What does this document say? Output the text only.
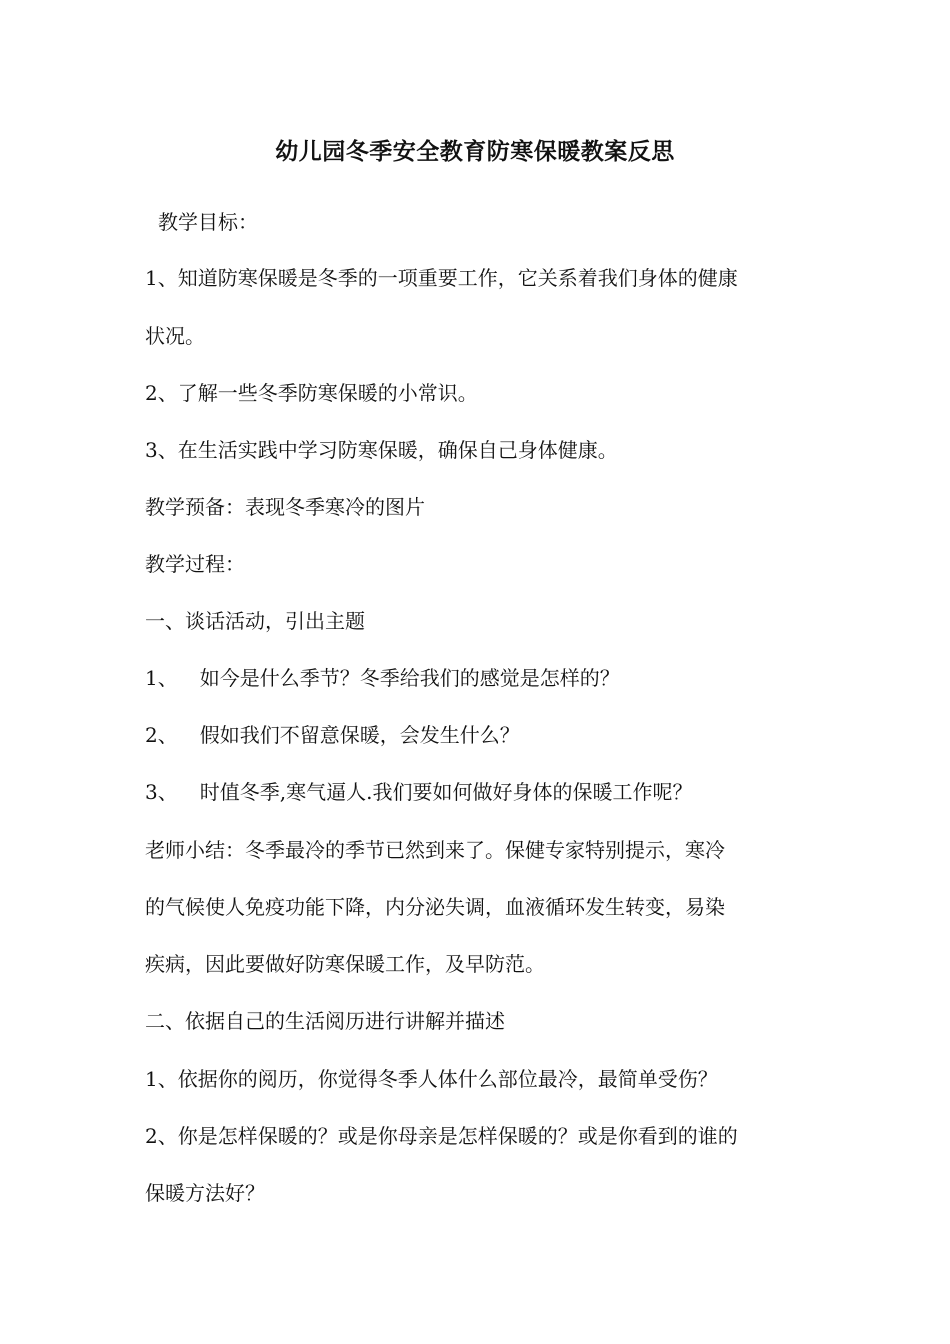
幼儿园冬季安全教育防寒保暖教案反思

教学目标：

1、知道防寒保暖是冬季的一项重要工作，它关系着我们身体的健康

状况。

2、了解一些冬季防寒保暖的小常识。

3、在生活实践中学习防寒保暖，确保自己身体健康。

教学预备：表现冬季寒冷的图片

教学过程：

一、谈话活动，引出主题

1、 如今是什么季节？冬季给我们的感觉是怎样的？

2、 假如我们不留意保暖，会发生什么？

3、 时值冬季,寒气逼人.我们要如何做好身体的保暖工作呢？

老师小结：冬季最冷的季节已然到来了。保健专家特别提示，寒冷

的气候使人免疫功能下降，内分泌失调，血液循环发生转变，易染

疾病，因此要做好防寒保暖工作，及早防范。

二、依据自己的生活阅历进行讲解并描述

1、依据你的阅历，你觉得冬季人体什么部位最冷，最简单受伤？

2、你是怎样保暖的？或是你母亲是怎样保暖的？或是你看到的谁的

保暖方法好？
